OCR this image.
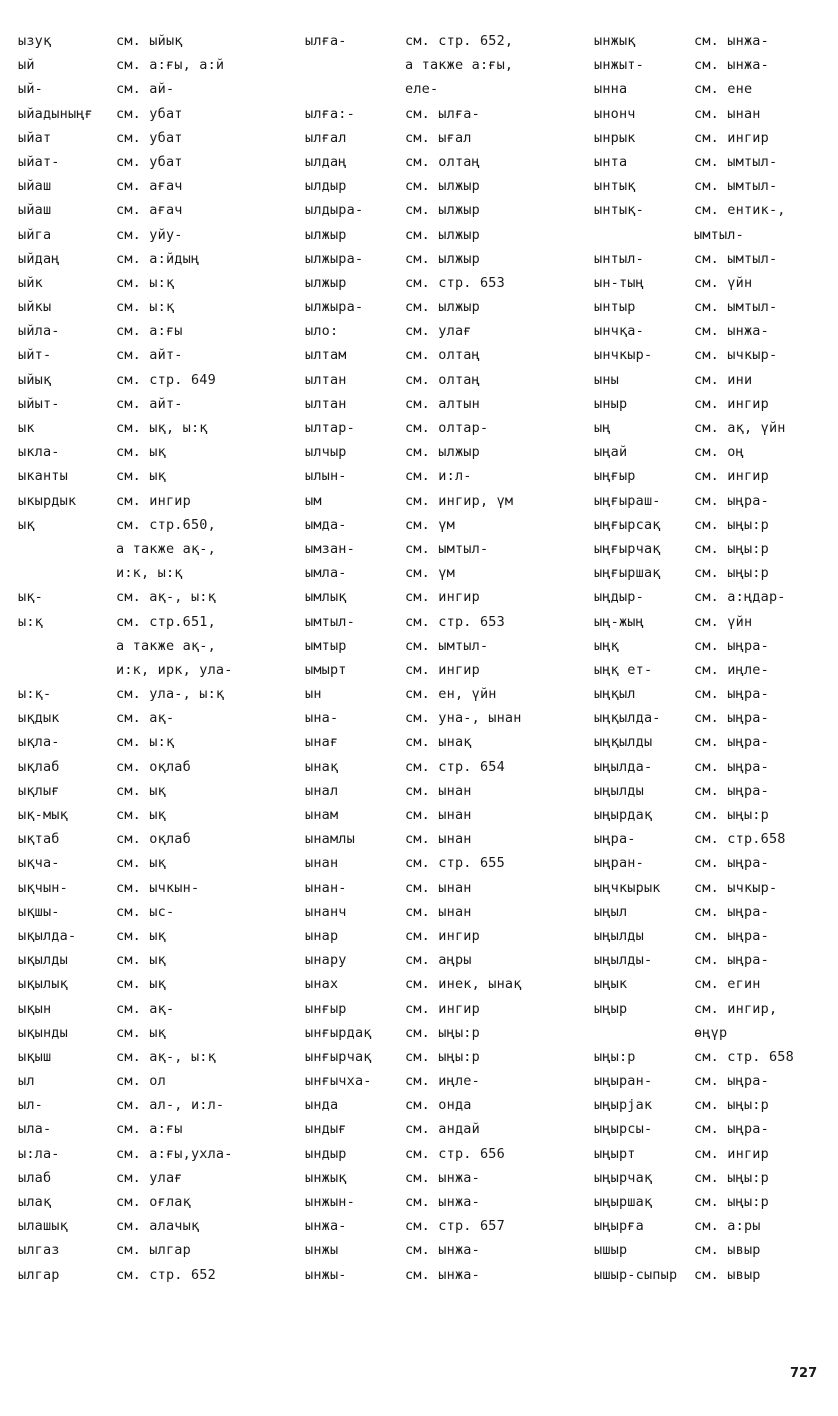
ызуқ	см. ыйық
ый	см. а:ғы, а:й
ый-	см. ай-
ыйадыныңғ	см. убат
ыйат	см. убат
ыйат-	см. убат
ыйаш	см. ағач
ыйаш	см. ағач
ыйга	см. уйу-
ыйдаң	см. а:йдың
ыйк	см. ы:қ
ыйкы	см. ы:қ
ыйла-	см. а:ғы
ыйт-	см. айт-
ыйық	см. стр. 649
ыйыт-	см. айт-
ык	см. ық, ы:қ
ыкла-	см. ық
ыканты	см. ық
ыкырдык	см. ингир
ық	см. стр.650,
а также ақ-,
и:к, ы:қ
ық-	см. ақ-, ы:қ
ы:қ	см. стр.651,
а также ақ-,
и:к, ирк, ула-
ы:қ-	см. ула-, ы:қ
ықдык	см. ақ-
ықла-	см. ы:қ
ықлаб	см. оқлаб
ықлығ	см. ық
ық-мық	см. ық
ықтаб	см. оқлаб
ықча-	см. ық
ықчын-	см. ычкын-
ықшы-	см. ыс-
ықылда-	см. ық
ықылды	см. ық
ықылық	см. ық
ықын	см. ақ-
ықынды	см. ық
ықыш	см. ақ-, ы:қ
ыл	см. ол
ыл-	см. ал-, и:л-
ыла-	см. а:ғы
ы:ла-	см. а:ғы,ухла-
ылаб	см. улағ
ылақ	см. оғлақ
ылашық	см. алачық
ылгаз	см. ылгар
ылгар	см. стр. 652
ылға-	см. стр. 652,
а также а:ғы,
еле-
ылға:-	см. ылға-
ылғал	см. ығал
ылдаң	см. олтаң
ылдыр	см. ылжыр
ылдыра-	см. ылжыр
ылжыр	см. ылжыр
ылжыра-	см. ылжыр
ылжыр	см. стр. 653
ылжыра-	см. ылжыр
ыло:	см. улағ
ылтам	см. олтаң
ылтан	см. олтаң
ылтан	см. алтын
ылтар-	см. олтар-
ылчыр	см. ылжыр
ылын-	см. и:л-
ым	см. ингир, үм
ымда-	см. үм
ымзан-	см. ымтыл-
ымла-	см. үм
ымлық	см. ингир
ымтыл-	см. стр. 653
ымтыр	см. ымтыл-
ымырт	см. ингир
ын	см. ен, үйн
ына-	см. уна-, ынан
ынағ	см. ынақ
ынақ	см. стр. 654
ынал	см. ынан
ынам	см. ынан
ынамлы	см. ынан
ынан	см. стр. 655
ынан-	см. ынан
ынанч	см. ынан
ынар	см. ингир
ынару	см. аңры
ынах	см. инек, ынақ
ынғыр	см. ингир
ынғырдақ	см. ыңы:р
ынғырчақ	см. ыңы:р
ынғычха-	см. иңле-
ында	см. онда
ындығ	см. андай
ындыр	см. стр. 656
ынжық	см. ынжа-
ынжын-	см. ынжа-
ынжа-	см. стр. 657
ынжы	см. ынжа-
ынжы-	см. ынжа-
ынжық	см. ынжа-
ынжыт-	см. ынжа-
ынна	см. ене
ынонч	см. ынан
ынрык	см. ингир
ынта	см. ымтыл-
ынтық	см. ымтыл-
ынтық-	см. ентик-,
ымтыл-
ынтыл-	см. ымтыл-
ын-тың	см. үйн
ынтыр	см. ымтыл-
ынчқа-	см. ынжа-
ынчкыр-	см. ычкыр-
ыны	см. ини
ыныр	см. ингир
ың	см. ақ, үйн
ыңай	см. оң
ыңғыр	см. ингир
ыңғыраш-	см. ыңра-
ыңғырсақ	см. ыңы:р
ыңғырчақ	см. ыңы:р
ыңғыршақ	см. ыңы:р
ыңдыр-	см. а:ңдар-
ың-жың	см. үйн
ыңқ	см. ыңра-
ыңқ ет-	см. иңле-
ыңқыл	см. ыңра-
ыңқылда-	см. ыңра-
ыңқылды	см. ыңра-
ыңылда-	см. ыңра-
ыңылды	см. ыңра-
ыңырдақ	см. ыңы:р
ыңра-	см. стр.658
ыңран-	см. ыңра-
ыңчкырык	см. ычкыр-
ыңыл	см. ыңра-
ыңылды	см. ыңра-
ыңылды-	см. ыңра-
ыңык	см. егин
ыңыр	см. ингир,
өңүр
ыңы:р	см. стр. 658
ыңыран-	см. ыңра-
ыңырјак	см. ыңы:р
ыңырсы-	см. ыңра-
ыңырт	см. ингир
ыңырчақ	см. ыңы:р
ыңыршақ	см. ыңы:р
ыңырға	см. а:ры
ышыр	см. ывыр
ышыр-сыпыр	см. ывыр
727
